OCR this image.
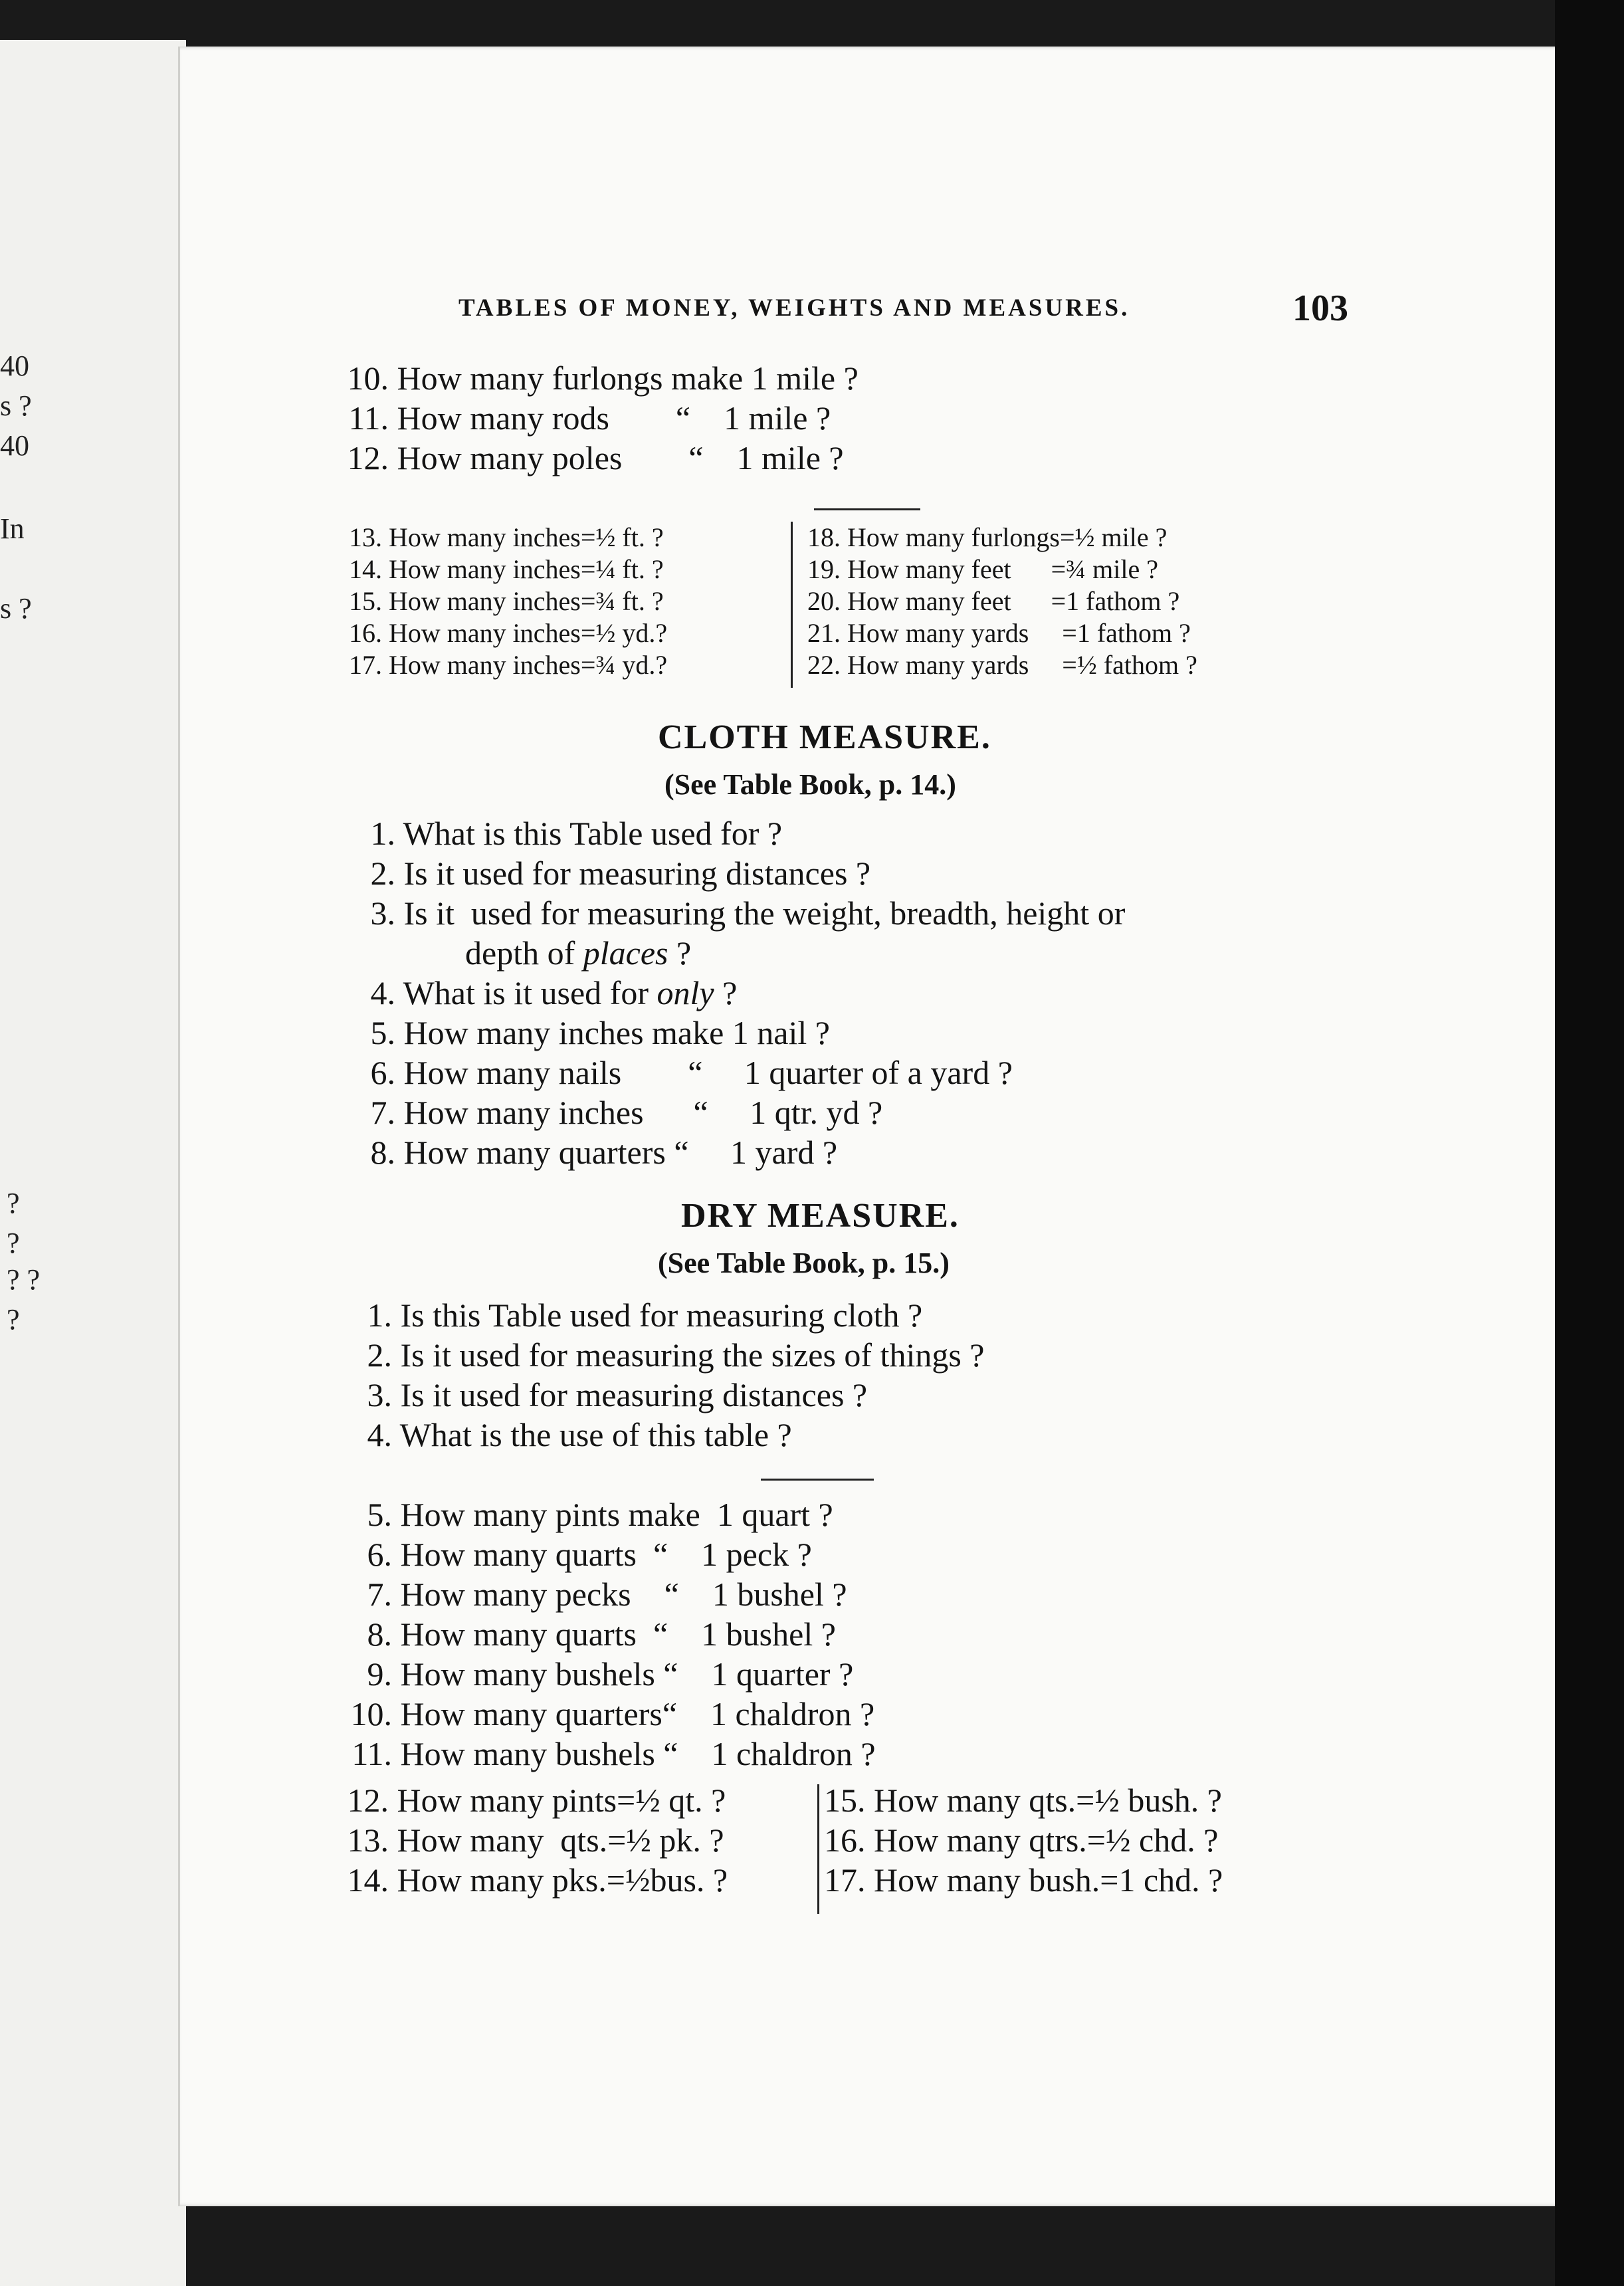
40
s ?
40
In
s ?
?
?
? ?
?
TABLES OF MONEY, WEIGHTS AND MEASURES.	103
10. How many furlongs make 1 mile ?
11. How many rods        “    1 mile ?
12. How many poles        “    1 mile ?
13. How many inches=½ ft. ?
14. How many inches=¼ ft. ?
15. How many inches=¾ ft. ?
16. How many inches=½ yd.?
17. How many inches=¾ yd.?
18. How many furlongs=½ mile ?
19. How many feet      =¾ mile ?
20. How many feet      =1 fathom ?
21. How many yards     =1 fathom ?
22. How many yards     =½ fathom ?
CLOTH MEASURE.
(See Table Book, p. 14.)
1. What is this Table used for ?
2. Is it used for measuring distances ?
3. Is it  used for measuring the weight, breadth, height or
depth of places ?
4. What is it used for only ?
5. How many inches make 1 nail ?
6. How many nails        “     1 quarter of a yard ?
7. How many inches      “     1 qtr. yd ?
8. How many quarters “     1 yard ?
DRY MEASURE.
(See Table Book, p. 15.)
1. Is this Table used for measuring cloth ?
2. Is it used for measuring the sizes of things ?
3. Is it used for measuring distances ?
4. What is the use of this table ?
5. How many pints make  1 quart ?
6. How many quarts  “    1 peck ?
7. How many pecks    “    1 bushel ?
8. How many quarts  “    1 bushel ?
9. How many bushels “    1 quarter ?
10. How many quarters“    1 chaldron ?
11. How many bushels “    1 chaldron ?
12. How many pints=½ qt. ?
13. How many  qts.=½ pk. ?
14. How many pks.=½bus. ?
15. How many qts.=½ bush. ?
16. How many qtrs.=½ chd. ?
17. How many bush.=1 chd. ?
